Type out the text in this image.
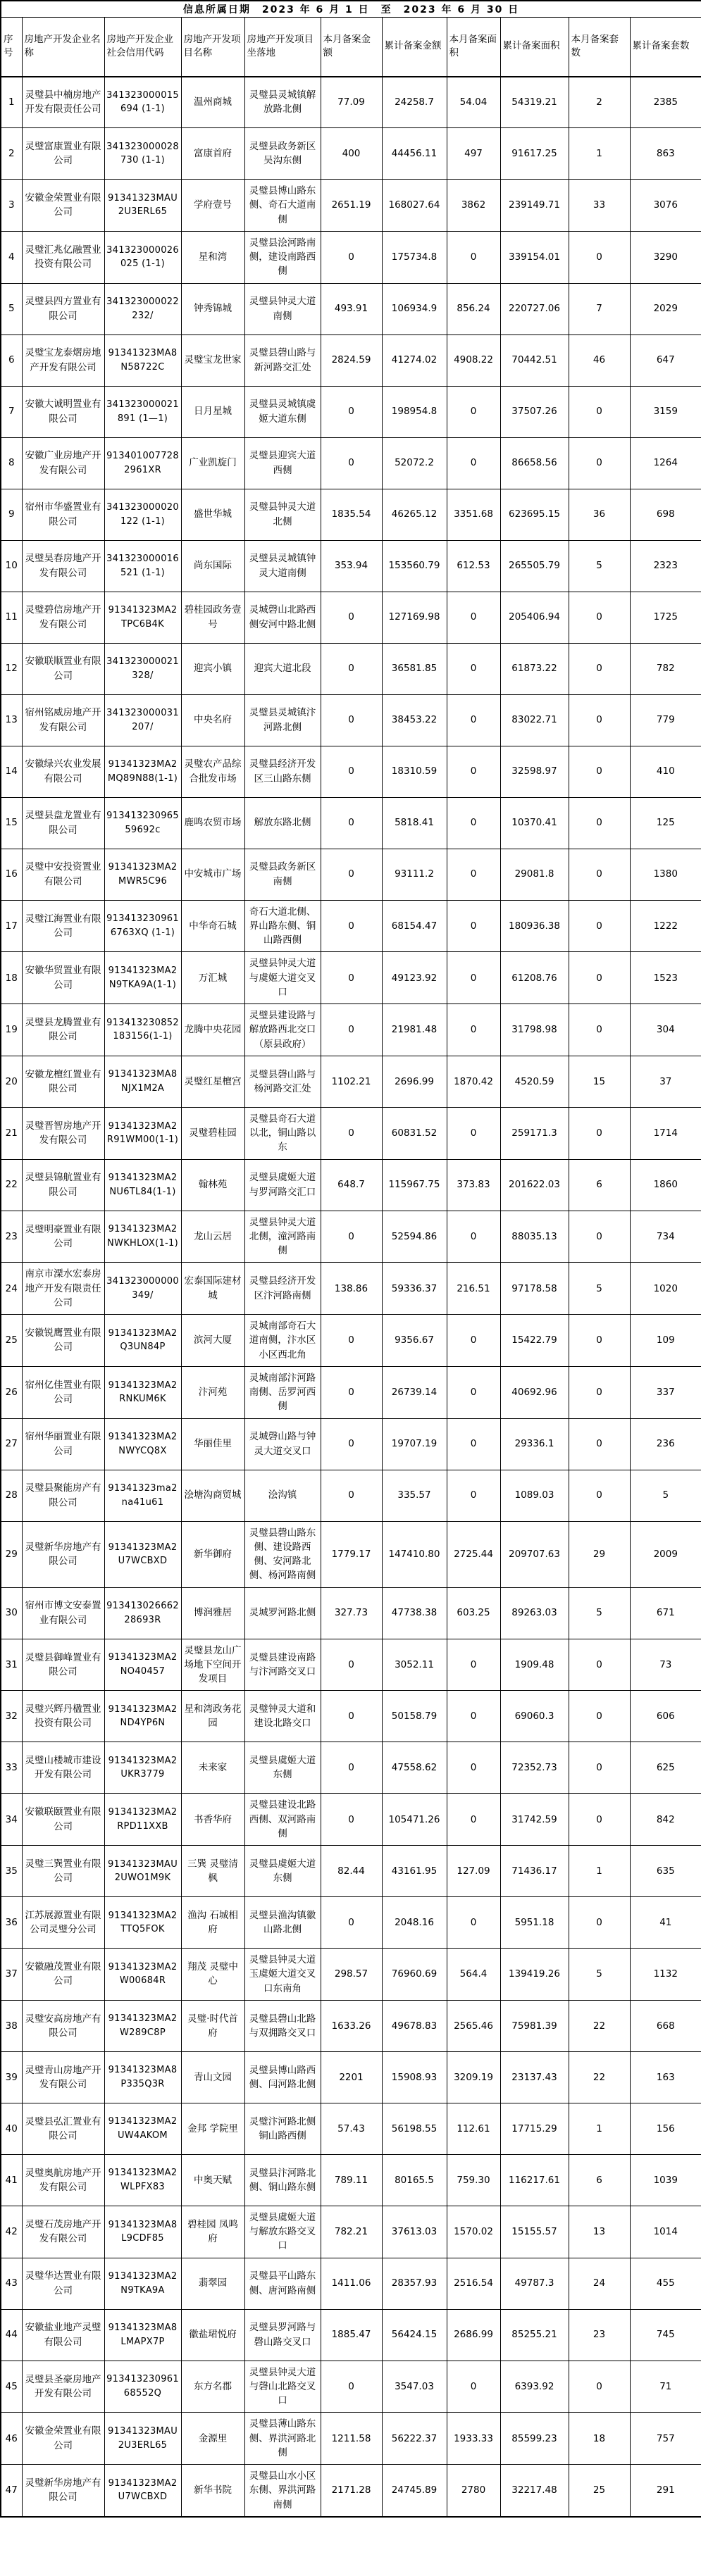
信息所属日期　2023 年 6 月 1 日　至　2023 年 6 月 30 日										
序号	房地产开发企业名称	房地产开发企业社会信用代码	房地产开发项目名称	房地产开发项目坐落地	本月备案金额	累计备案金额	本月备案面积	累计备案面积	本月备案套数	累计备案套数
1	灵璧县中楠房地产开发有限责任公司	341323000015694 (1-1)	温州商城	灵璧县灵城镇解放路北侧	77.09	24258.7	54.04	54319.21	2	2385
2	灵璧富康置业有限公司	341323000028730 (1-1)	富康首府	灵璧县政务新区吴沟东侧	400	44456.11	497	91617.25	1	863
3	安徽金荣置业有限公司	91341323MAU2U3ERL65	学府壹号	灵璧县博山路东侧、奇石大道南侧	2651.19	168027.64	3862	239149.71	33	3076
4	灵璧汇兆亿融置业投资有限公司	341323000026025 (1-1)	星和湾	灵璧县浍河路南侧，建设南路西侧	0	175734.8	0	339154.01	0	3290
5	灵璧县四方置业有限公司	341323000022232/	钟秀锦城	灵璧县钟灵大道南侧	493.91	106934.9	856.24	220727.06	7	2029
6	灵璧宝龙泰熠房地产开发有限公司	91341323MA8N58722C	灵璧宝龙世家	灵璧县磬山路与新河路交汇处	2824.59	41274.02	4908.22	70442.51	46	647
7	安徽大诚明置业有限公司	341323000021891 (1—1)	日月星城	灵璧县灵城镇虞姬大道东侧	0	198954.8	0	37507.26	0	3159
8	安徽广业房地产开发有限公司	9134010077282961XR	广业凯旋门	灵璧县迎宾大道西侧	0	52072.2	0	86658.56	0	1264
9	宿州市华盛置业有限公司	341323000020122 (1-1)	盛世华城	灵璧县钟灵大道北侧	1835.54	46265.12	3351.68	623695.15	36	698
10	灵璧昊春房地产开发有限公司	341323000016521 (1-1)	尚东国际	灵璧县灵城镇钟灵大道南侧	353.94	153560.79	612.53	265505.79	5	2323
11	灵璧碧信房地产开发有限公司	91341323MA2TPC6B4K	碧桂园政务壹号	灵城磬山北路西侧安河中路北侧	0	127169.98	0	205406.94	0	1725
12	安徽联顺置业有限公司	341323000021328/	迎宾小镇	迎宾大道北段	0	36581.85	0	61873.22	0	782
13	宿州铭威房地产开发有限公司	341323000031207/	中央名府	灵璧县灵城镇汴河路北侧	0	38453.22	0	83022.71	0	779
14	安徽绿兴农业发展有限公司	91341323MA2MQ89N88(1-1)	灵璧农产品综合批发市场	灵璧县经济开发区三山路东侧	0	18310.59	0	32598.97	0	410
15	灵璧县盘龙置业有限公司	91341323096559692c	鹿鸣农贸市场	解放东路北侧	0	5818.41	0	10370.41	0	125
16	灵璧中安投资置业有限公司	91341323MA2MWR5C96	中安城市广场	灵璧县政务新区 南侧	0	93111.2	0	29081.8	0	1380
17	灵璧江海置业有限公司	9134132309616763XQ (1-1)	中华奇石城	奇石大道北侧、界山路东侧、铜山路西侧	0	68154.47	0	180936.38	0	1222
18	安徽华贸置业有限公司	91341323MA2N9TKA9A(1-1)	万汇城	灵璧县钟灵大道与虞姬大道交叉口	0	49123.92	0	61208.76	0	1523
19	灵璧县龙腾置业有限公司	913413230852183156(1-1)	龙腾中央花园	灵璧县建设路与解放路西北交口（原县政府）	0	21981.48	0	31798.98	0	304
20	安徽龙檀红置业有限公司	91341323MA8NJX1M2A	灵璧红星檀宫	灵璧县磬山路与杨河路交汇处	1102.21	2696.99	1870.42	4520.59	15	37
21	灵璧晋智房地产开发有限公司	91341323MA2R91WM00(1-1)	灵璧碧桂园	灵璧县奇石大道以北，铜山路以东	0	60831.52	0	259171.3	0	1714
22	灵璧县锦航置业有限公司	91341323MA2NU6TL84(1-1)	翰林苑	灵璧县虞姬大道与罗河路交汇口	648.7	115967.75	373.83	201622.03	6	1860
23	灵璧明豪置业有限公司	91341323MA2NWKHLOX(1-1)	龙山云居	灵璧县钟灵大道北侧，潼河路南侧	0	52594.86	0	88035.13	0	734
24	南京市溧水宏泰房地产开发有限责任公司	341323000000349/	宏泰国际建材城	灵璧县经济开发区汴河路南侧	138.86	59336.37	216.51	97178.58	5	1020
25	安徽锐鹰置业有限公司	91341323MA2Q3UN84P	滨河大厦	灵城南部奇石大道南侧，汴水区小区西北角	0	9356.67	0	15422.79	0	109
26	宿州亿佳置业有限公司	91341323MA2RNKUM6K	汴河苑	灵城南部汴河路南侧、岳罗河西侧	0	26739.14	0	40692.96	0	337
27	宿州华丽置业有限公司	91341323MA2NWYCQ8X	华丽佳里	灵城磬山路与钟灵大道交叉口	0	19707.19	0	29336.1	0	236
28	灵璧县聚能房产有限公司	91341323ma2na41u61	浍塘沟商贸城	浍沟镇	0	335.57	0	1089.03	0	5
29	灵璧新华房地产有限公司	91341323MA2U7WCBXD	新华御府	灵璧县磬山路东侧、建设路西侧、安河路北侧、杨河路南侧	1779.17	147410.80	2725.44	209707.63	29	2009
30	宿州市博文安泰置业有限公司	91341302666228693R	博润雅居	灵城罗河路北侧	327.73	47738.38	603.25	89263.03	5	671
31	灵璧县御峰置业有限公司	91341323MA2NO40457	灵璧县龙山广场地下空间开发项目	灵璧县建设南路与汴河路交叉口	0	3052.11	0	1909.48	0	73
32	灵璧兴辉丹楹置业投资有限公司	91341323MA2ND4YP6N	星和湾政务花园	灵璧钟灵大道和建设北路交口	0	50158.79	0	69060.3	0	606
33	灵璧山楼城市建设开发有限公司	91341323MA2UKR3779	未来家	灵璧县虞姬大道东侧	0	47558.62	0	72352.73	0	625
34	安徽联颐置业有限公司	91341323MA2RPD11XXB	书香华府	灵璧县建设北路西侧、双河路南侧	0	105471.26	0	31742.59	0	842
35	灵璧三巽置业有限公司	91341323MAU2UWO1M9K	三巽 灵璧清枫	灵璧县虞姬大道东侧	82.44	43161.95	127.09	71436.17	1	635
36	江苏展源置业有限公司灵璧分公司	91341323MA2TTQ5FOK	渔沟 石城相府	灵璧县渔沟镇徽山路北侧	0	2048.16	0	5951.18	0	41
37	安徽融茂置业有限公司	91341323MA2W00684R	翔茂 灵璧中心	灵璧县钟灵大道玉虞姬大道交叉口东南角	298.57	76960.69	564.4	139419.26	5	1132
38	灵璧安高房地产有限公司	91341323MA2W289C8P	灵璧·时代首府	灵璧县磬山北路与双拥路交叉口	1633.26	49678.83	2565.46	75981.39	22	668
39	灵璧青山房地产开发有限公司	91341323MA8P335Q3R	青山文园	灵璧县博山路西侧、闫河路北侧	2201	15908.93	3209.19	23137.43	22	163
40	灵璧县弘汇置业有限公司	91341323MA2UW4AKOM	金邦 学院里	灵璧汴河路北侧铜山路西侧	57.43	56198.55	112.61	17715.29	1	156
41	灵璧奥航房地产开发有限公司	91341323MA2WLPFX83	中奥天赋	灵璧县汴河路北侧、铜山路东侧	789.11	80165.5	759.30	116217.61	6	1039
42	灵璧石茂房地产开发有限公司	91341323MA8L9CDF85	碧桂园 凤鸣府	灵璧县虞姬大道与解放东路交叉口	782.21	37613.03	1570.02	15155.57	13	1014
43	灵璧华达置业有限公司	91341323MA2N9TKA9A	翡翠园	灵璧县平山路东侧、唐河路南侧	1411.06	28357.93	2516.54	49787.3	24	455
44	安徽盐业地产灵璧有限公司	91341323MA8LMAPX7P	徽盐珺悦府	灵璧县罗河路与磬山路交叉口	1885.47	56424.15	2686.99	85255.21	23	745
45	灵璧县圣豪房地产开发有限公司	91341323096168552Q	东方名郡	灵璧县钟灵大道与磬山北路交叉口	0	3547.03	0	6393.92	0	71
46	安徽金荣置业有限公司	91341323MAU2U3ERL65	金源里	灵璧县薄山路东侧、界洪河路北侧	1211.58	56222.37	1933.33	85599.23	18	757
47	灵璧新华房地产有限公司	91341323MA2U7WCBXD	新华书院	灵璧县山水小区东侧、界洪河路南侧	2171.28	24745.89	2780	32217.48	25	291
